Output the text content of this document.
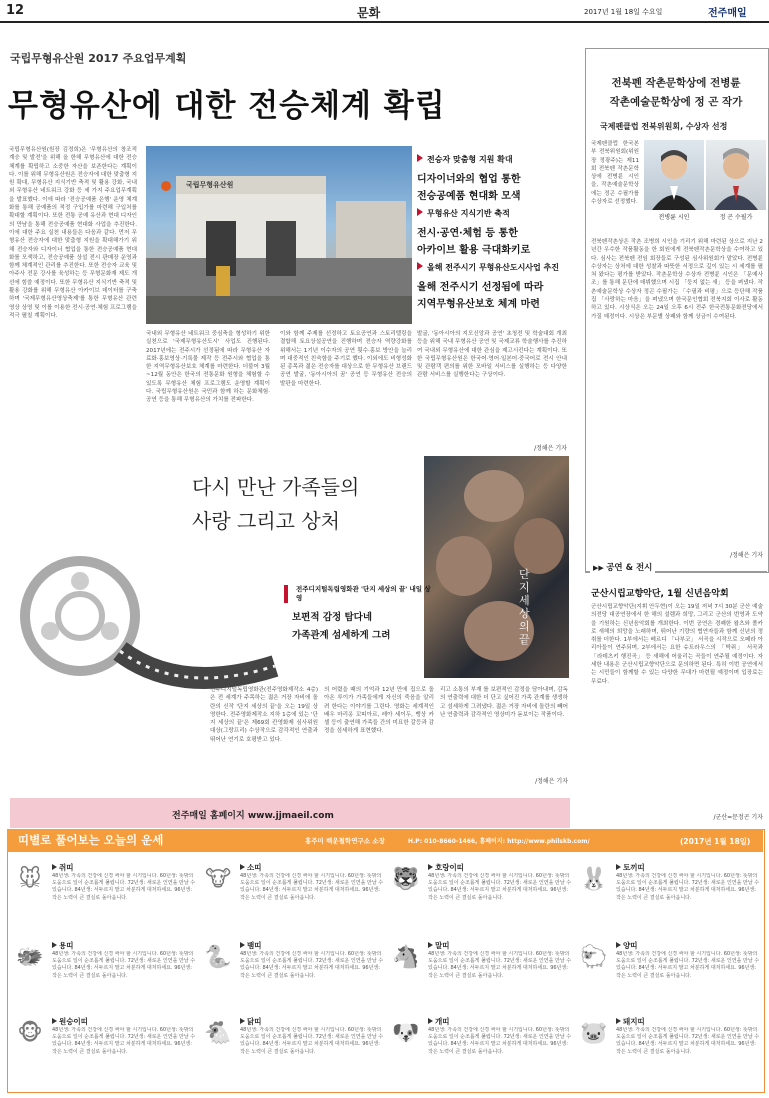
12	문화	2017년 1월 18일 수요일	전주매일
국립무형유산원 2017 주요업무계획
무형유산에 대한 전승체계 확립
국립무형유산원
국립무형유산원(원장 김정희)은 '무형유산의 창조적 계승 및 발전'을 위해 올 한해 무형유산에 대한 전승체계를 확립하고 소중한 자산을 보존한다는 계획이다. 이를 위해 무형유산원은 전승자에 대한 맞춤형 지원 확대, 무형유산 지식기반 축적 및 활용 강화, 국내외 무형유산 네트워크 강화 등 세 가지 주요업무계획을 발표했다. 이에 따라 '전승공예품 은행' 운영 체계화를 통해 공예품의 적정 구입가를 마련해 구입처를 확대할 계획이다. 또한 전통 공예 유산과 현대 디자인의 만남을 통해 전승공예품 현대화 사업을 추진한다. 이에 대한 주요 실천 내용들은 다음과 같다. 먼저 무형유산 전승자에 대한 맞춤형 지원을 확대해가기 위해 전승자와 디자이너 협업을 통한 전승공예품 현대화를 모색하고, 전승공예품 상설 전시 판매장 운영과 함께 체계적인 관리를 추진한다. 또한 전승자 교육 및 아주사 전문 강사를 육성하는 등 무형문화재 제도 개선에 힘쓸 예정이다. 또한 무형유산 지식기반 축적 및 활용 강화를 위해 무형유산 아카이브 데이터를 구축하며 '국제무형유산영상축제'를 통한 무형유산 관련 영상 상영 및 이를 이용한 전시·공연·체험 프로그램을 적극 펼칠 계획이다.
국내외 무형유산 네트워크 중심축을 형성하기 위한 실천으로 '국제무형유산도시' 사업도 진행된다. 2017년에는 전주시가 선정됨에 따라 무형유산 자료화·홍보영상·기록물 제작 등 전주시와 협업을 통한 지역무형유산보호 체계를 마련한다. 더불어 3월~12월 동안은 한국의 전통문화 원형을 체험할 수 있도록 무형유산 체험 프로그램도 운영할 계획이다. 국립무형유산원은 국민과 함께 하는 문화체험·공연 등을 통해 무형유산의 가치를 전파한다.
이와 함께 주제를 선정하고 토요공연과 스토리텔링을 결합해 토요상설공연을 진행하며 전승자 역량강화를 위해서는 1기년 이수자의 공연 횟수·홍보 방안을 늘리며 대중적인 친숙함을 주기로 했다. 이외에도 비형성화된 종목과 젊은 전승자를 대상으로 한 무형유산 브랜드 공연 발굴, '동아시아의 꿈' 공연 등 무형유산 전승의 발판을 마련한다.
발굴, '동아시아의 지모신앙과 공연' 초청전 및 학술대회 개최 등을 위해 국내 무형유산 공연 및 국제교류 학술행사를 추진하여 국내외 무형유산에 대한 관심을 제고시킨다는 계획이다. 또한 국립무형유산원은 한국어·영어·일본어·중국어로 전시 안내 및 관람객 편의를 위한 모바일 서비스를 실행하는 등 다양한 관람 서비스를 실행한다는 구상이다.
/정해은 기자
전승자 맞춤형 지원 확대
디자이너와의 협업 통한
전승공예품 현대화 모색
무형유산 지식기반 축적
전시·공연·체험 등 통한
아카이브 활용 극대화키로
올해 전주시기 무형유산도시사업 추진
올해 전주시기 선정됨에 따라
지역무형유산보호 체계 마련
전북펜 작촌문학상에 전병륜
작촌예술문학상에 정 곤 작가
국제펜클럽 전북위원회, 수상자 선정
전병륜 시인	정 곤 수필가
국제펜클럽 한국본부 전북위원회(위원장 정광주)는 제11회 전북펜 작촌문학상에 전병륜 시인을, 작촌예술문학상에는 정곤 수필가를 수상자로 선정했다.
전북펜작촌상은 작촌 조병희 시인을 기리기 위해 마련된 상으로 지난 2년간 우수한 작품활동을 한 회원에게 전북펜작촌문학상을 수여하고 있다. 심사는 전북펜 전임 회장들로 구성된 심사위원회가 맡았다. 전병륜 수상자는 상처에 대한 성찰과 따뜻한 서정으로 깊이 있는 시 세계를 펼쳐 왔다는 평가를 받았다. 작촌문학상 수상자 전병륜 시인은 「문예사조」를 통해 문단에 데뷔했으며 시집 「둥지 없는 새」 등을 펴냈다. 작촌예술문학상 수상자 정곤 수필가는 「수필과 비평」으로 등단해 작품집 「사랑하는 마음」을 펴냈으며 한국문인협회 전북지회 이사로 활동하고 있다. 시상식은 오는 24일 오후 6시 전주 한국전통문화전당에서 가질 예정이다. 시상은 부문별 상패와 함께 상금이 수여된다.
/정해은 기자
다시 만난 가족들의
사랑 그리고 상처
단지 세상의 끝
전주디지털독립영화관 '단지 세상의 끝' 내일 상영
보편적 감정 탐다네
가족관계 섬세하게 그려
전주디지털독립영화관(전주영화제작소 4층)은 전 세계가 주목하는 젊은 거장 자비에 돌란의 신작 '단지 세상의 끝'을 오는 19일 상영한다. 전주영화제작소 지하 1층에 있는 '단지 세상의 끝'은 제69회 칸영화제 심사위원대상(그랑프리) 수상작으로 감각적인 연출과 뛰어난 연기로 호평받고 있다.
의 어렸을 때의 기억과 12년 만에 집으로 돌아온 루이가 가족들에게 자신의 죽음을 알리려 한다는 이야기를 그린다. 영화는 세계적인 배우 마리옹 꼬띠아르, 레아 세이두, 뱅상 카셀 등이 출연해 가족들 간의 미묘한 갈등과 감정을 섬세하게 표현했다.
리고 소통의 부재 를 보편적인 감정을 담아내며, 감독의 연출력에 대한 더 단고 싶어진 가족 관계를 생생하고 섬세하게 그려냈다. 젊은 거장 자비에 돌란의 빼어난 연출력과 감각적인 영상미가 돋보이는 작품이다.
/정해은 기자
전주매일 홈페이지 www.jjmaeil.com
▶▶ 공연 & 전시
군산시립교향악단, 1월 신년음악회
군산시립교향악단(지휘 안두현)이 오는 19일 저녁 7시 30분 군산 예술의전당 대공연장에서 한 해의 설렘과 희망, 그리고 군산의 번영과 도약을 기원하는 신년음악회를 개최한다. 이번 공연은 경쾌한 왈츠와 폴카로 새해의 희망을 노래하며, 뛰어난 기량의 협연자들과 함께 신년의 정취를 더한다. 1부에서는 베르디 「나부코」 서곡을 시작으로 오페라 아리아들이 연주되며, 2부에서는 요한 슈트라우스의 「박쥐」 서곡과 「라데츠키 행진곡」 등 새해에 어울리는 곡들이 연주될 예정이다. 자세한 내용은 군산시립교향악단으로 문의하면 된다. 특히 이번 공연에서는 시민들이 함께할 수 있는 다양한 무대가 마련될 예정이며 입장료는 무료다.
/군산=문정곤 기자
띠별로 풀어보는 오늘의 운세	홍주미 백운철학연구소 소장	H.P: 010-8660-1466, 홈페이지: http://www.philskb.com/	(2017년 1월 18일)
🐭	쥐띠
48년생: 가족의 건강에 신경 써야 할 시기입니다. 60년생: 뜻밖의 도움으로 일이 순조롭게 풀립니다. 72년생: 새로운 인연을 만날 수 있습니다. 84년생: 서두르지 말고 차분하게 대처하세요. 96년생: 작은 노력이 큰 결실로 돌아옵니다.
🐮	소띠
48년생: 가족의 건강에 신경 써야 할 시기입니다. 60년생: 뜻밖의 도움으로 일이 순조롭게 풀립니다. 72년생: 새로운 인연을 만날 수 있습니다. 84년생: 서두르지 말고 차분하게 대처하세요. 96년생: 작은 노력이 큰 결실로 돌아옵니다.
🐯	호랑이띠
48년생: 가족의 건강에 신경 써야 할 시기입니다. 60년생: 뜻밖의 도움으로 일이 순조롭게 풀립니다. 72년생: 새로운 인연을 만날 수 있습니다. 84년생: 서두르지 말고 차분하게 대처하세요. 96년생: 작은 노력이 큰 결실로 돌아옵니다.
🐰	토끼띠
48년생: 가족의 건강에 신경 써야 할 시기입니다. 60년생: 뜻밖의 도움으로 일이 순조롭게 풀립니다. 72년생: 새로운 인연을 만날 수 있습니다. 84년생: 서두르지 말고 차분하게 대처하세요. 96년생: 작은 노력이 큰 결실로 돌아옵니다.
🐲	용띠
48년생: 가족의 건강에 신경 써야 할 시기입니다. 60년생: 뜻밖의 도움으로 일이 순조롭게 풀립니다. 72년생: 새로운 인연을 만날 수 있습니다. 84년생: 서두르지 말고 차분하게 대처하세요. 96년생: 작은 노력이 큰 결실로 돌아옵니다.
🐍	뱀띠
48년생: 가족의 건강에 신경 써야 할 시기입니다. 60년생: 뜻밖의 도움으로 일이 순조롭게 풀립니다. 72년생: 새로운 인연을 만날 수 있습니다. 84년생: 서두르지 말고 차분하게 대처하세요. 96년생: 작은 노력이 큰 결실로 돌아옵니다.
🐴	말띠
48년생: 가족의 건강에 신경 써야 할 시기입니다. 60년생: 뜻밖의 도움으로 일이 순조롭게 풀립니다. 72년생: 새로운 인연을 만날 수 있습니다. 84년생: 서두르지 말고 차분하게 대처하세요. 96년생: 작은 노력이 큰 결실로 돌아옵니다.
🐑	양띠
48년생: 가족의 건강에 신경 써야 할 시기입니다. 60년생: 뜻밖의 도움으로 일이 순조롭게 풀립니다. 72년생: 새로운 인연을 만날 수 있습니다. 84년생: 서두르지 말고 차분하게 대처하세요. 96년생: 작은 노력이 큰 결실로 돌아옵니다.
🐵	원숭이띠
48년생: 가족의 건강에 신경 써야 할 시기입니다. 60년생: 뜻밖의 도움으로 일이 순조롭게 풀립니다. 72년생: 새로운 인연을 만날 수 있습니다. 84년생: 서두르지 말고 차분하게 대처하세요. 96년생: 작은 노력이 큰 결실로 돌아옵니다.
🐔	닭띠
48년생: 가족의 건강에 신경 써야 할 시기입니다. 60년생: 뜻밖의 도움으로 일이 순조롭게 풀립니다. 72년생: 새로운 인연을 만날 수 있습니다. 84년생: 서두르지 말고 차분하게 대처하세요. 96년생: 작은 노력이 큰 결실로 돌아옵니다.
🐶	개띠
48년생: 가족의 건강에 신경 써야 할 시기입니다. 60년생: 뜻밖의 도움으로 일이 순조롭게 풀립니다. 72년생: 새로운 인연을 만날 수 있습니다. 84년생: 서두르지 말고 차분하게 대처하세요. 96년생: 작은 노력이 큰 결실로 돌아옵니다.
🐷	돼지띠
48년생: 가족의 건강에 신경 써야 할 시기입니다. 60년생: 뜻밖의 도움으로 일이 순조롭게 풀립니다. 72년생: 새로운 인연을 만날 수 있습니다. 84년생: 서두르지 말고 차분하게 대처하세요. 96년생: 작은 노력이 큰 결실로 돌아옵니다.
